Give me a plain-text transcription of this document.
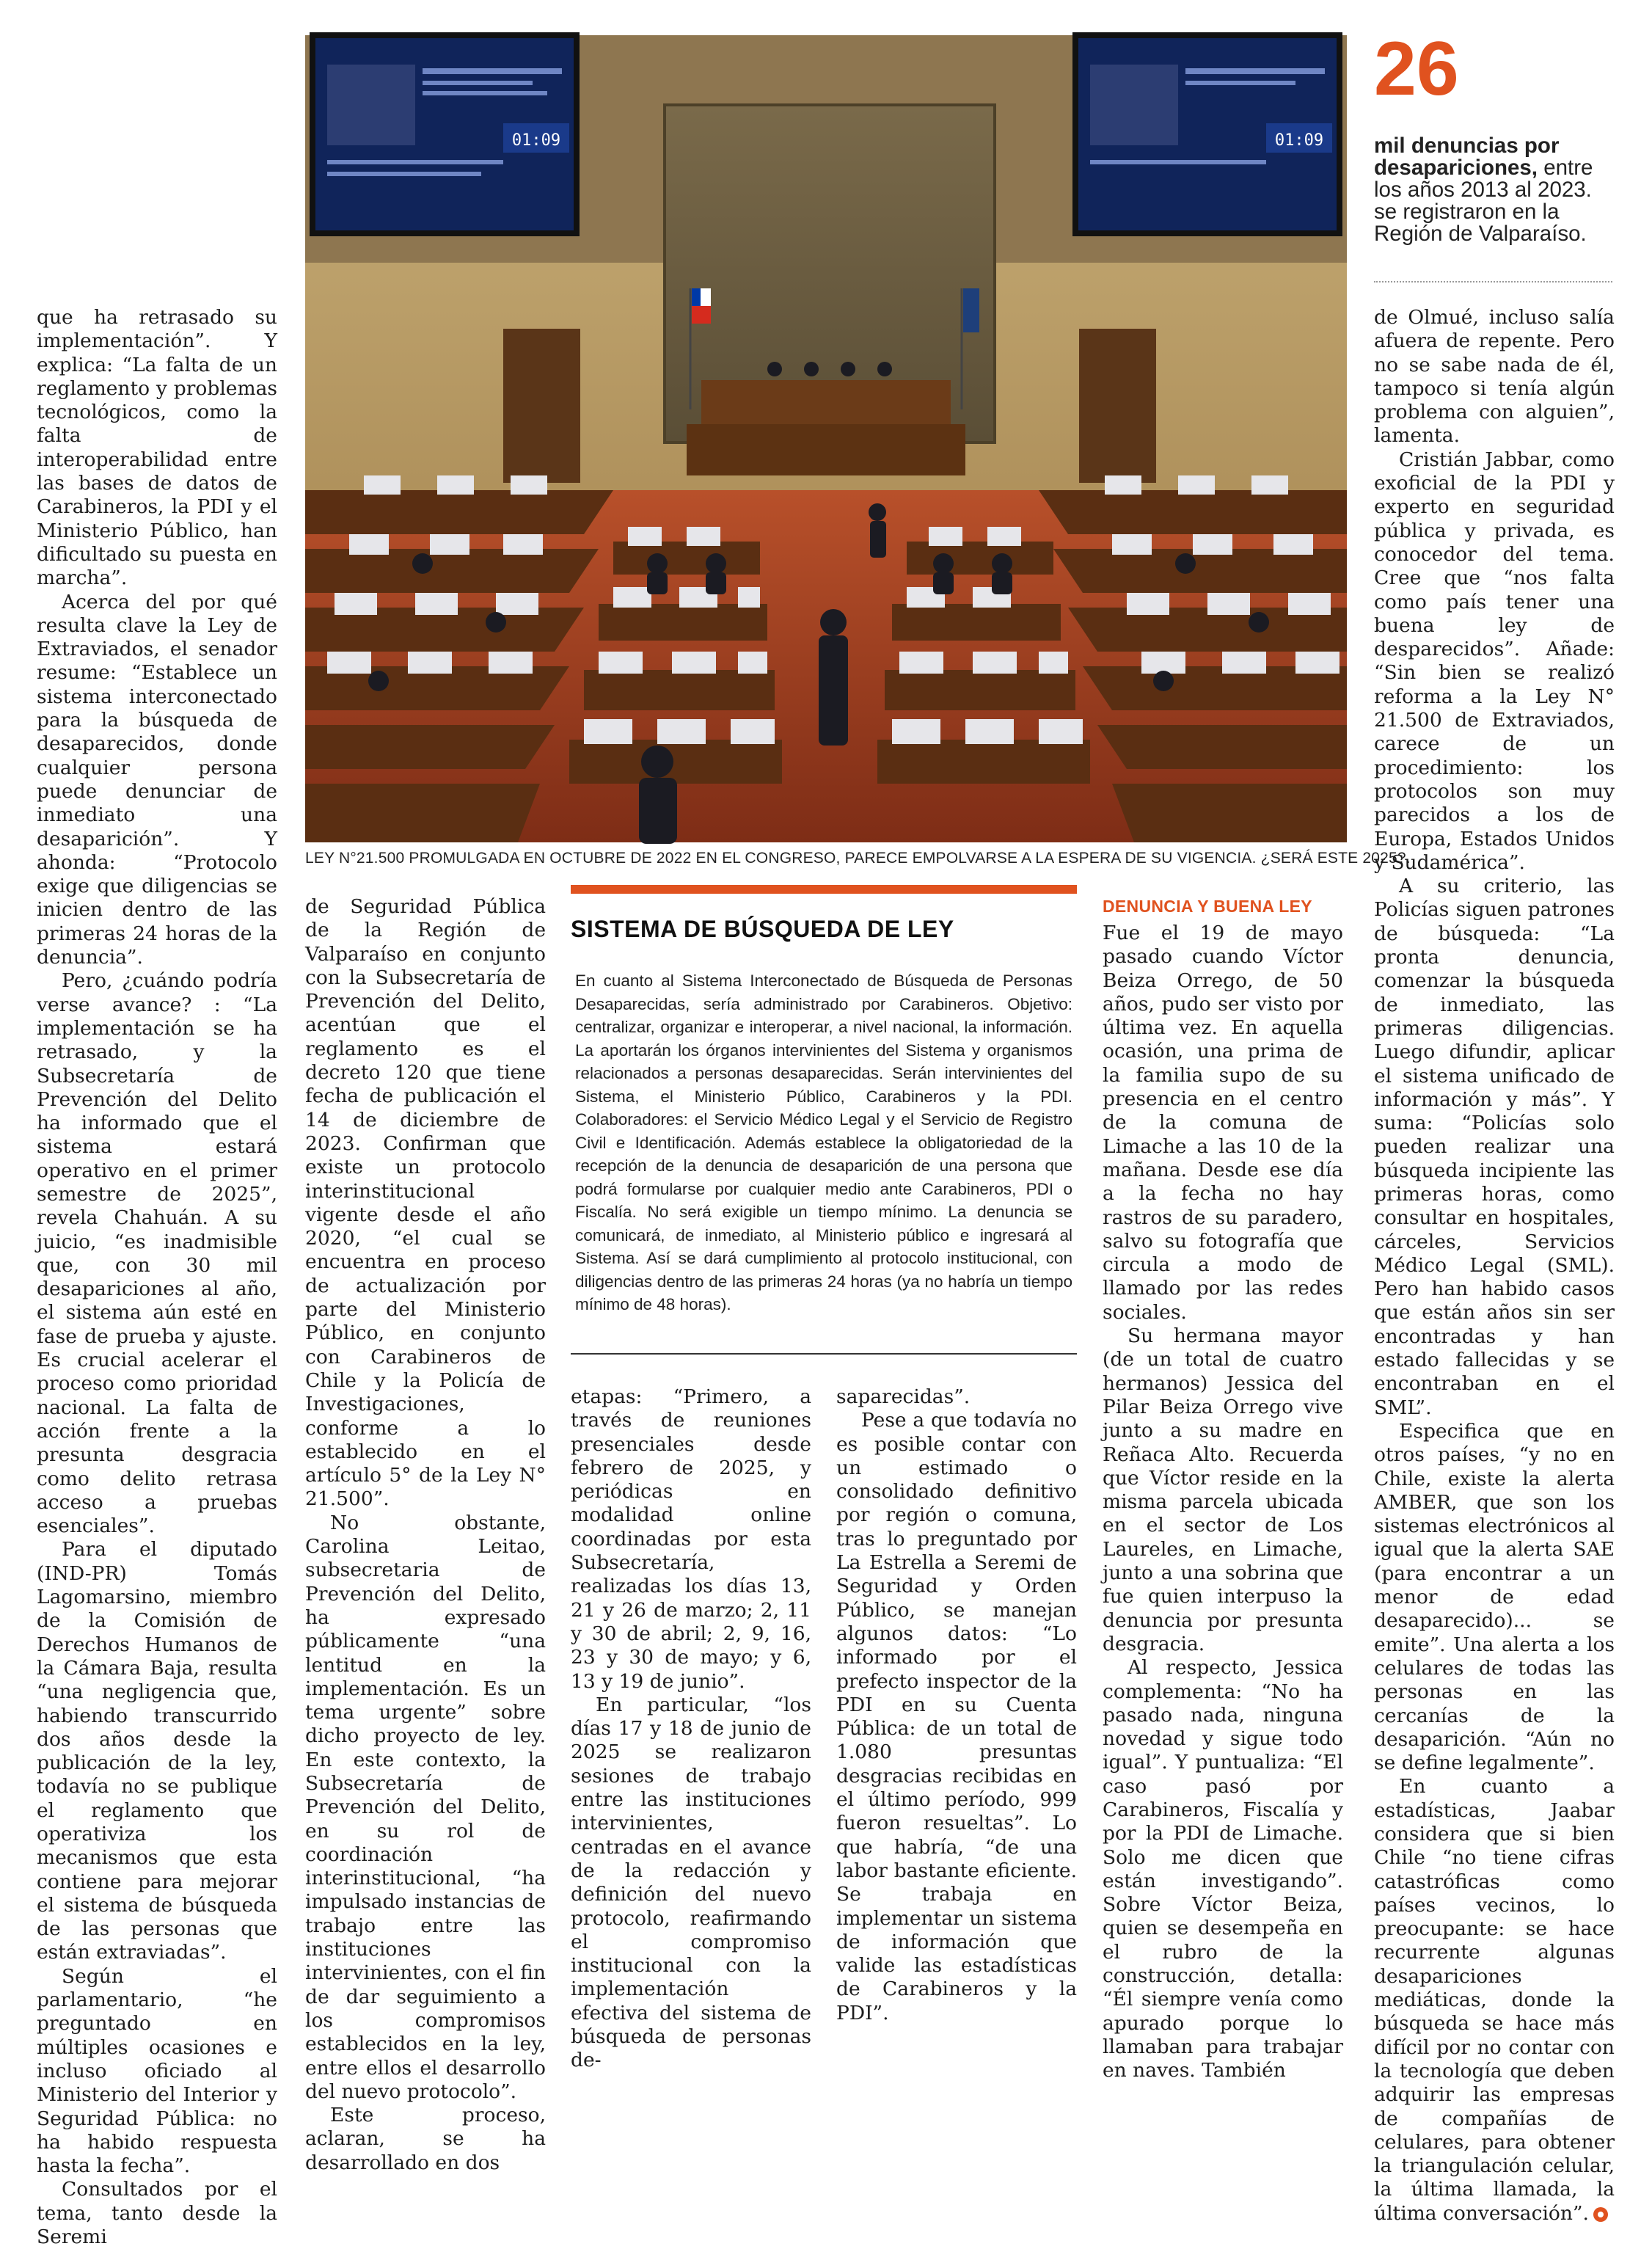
01:09	01:09
LEY N°21.500 PROMULGADA EN OCTUBRE DE 2022 EN EL CONGRESO, PARECE EMPOLVARSE A LA ESPERA DE SU VIGENCIA. ¿SERÁ ESTE 2025?.
26
mil denuncias por desapariciones, entre los años 2013 al 2023. se registraron en la Región de Valparaíso.

que ha retrasado su implementación”. Y explica: “La falta de un reglamento y problemas tecnológicos, como la falta de interoperabilidad entre las bases de datos de Carabineros, la PDI y el Ministerio Público, han dificultado su puesta en marcha”.

Acerca del por qué resulta clave la Ley de Extraviados, el senador resume: “Establece un sistema interconectado para la búsqueda de desaparecidos, donde cualquier persona puede denunciar de inmediato una desaparición”. Y ahonda: “Protocolo exige que diligencias se inicien dentro de las primeras 24 horas de la denuncia”.

Pero, ¿cuándo podría verse avance? : “La implementación se ha retrasado, y la Subsecretaría de Prevención del Delito ha informado que el sistema estará operativo en el primer semestre de 2025”, revela Chahuán. A su juicio, “es inadmisible que, con 30 mil desapariciones al año, el sistema aún esté en fase de prueba y ajuste. Es crucial acelerar el proceso como prioridad nacional. La falta de acción frente a la presunta desgracia como delito retrasa acceso a pruebas esenciales”.

Para el diputado (IND-PR) Tomás Lagomarsino, miembro de la Comisión de Derechos Humanos de la Cámara Baja, resulta “una negligencia que, habiendo transcurrido dos años desde la publicación de la ley, todavía no se publique el reglamento que operativiza los mecanismos que esta contiene para mejorar el sistema de búsqueda de las personas que están extraviadas”.

Según el parlamentario, “he preguntado en múltiples ocasiones e incluso oficiado al Ministerio del Interior y Seguridad Pública: no ha habido respuesta hasta la fecha”.

Consultados por el tema, tanto desde la Seremi

de Seguridad Pública de la Región de Valparaíso en conjunto con la Subsecretaría de Prevención del Delito, acentúan que el reglamento es el decreto 120 que tiene fecha de publicación el 14 de diciembre de 2023. Confirman que existe un protocolo interinstitucional vigente desde el año 2020, “el cual se encuentra en proceso de actualización por parte del Ministerio Público, en conjunto con Carabineros de Chile y la Policía de Investigaciones, conforme a lo establecido en el artículo 5° de la Ley N° 21.500”.

No obstante, Carolina Leitao, subsecretaria de Prevención del Delito, ha expresado públicamente “una lentitud en la implementación. Es un tema urgente” sobre dicho proyecto de ley. En este contexto, la Subsecretaría de Prevención del Delito, en su rol de coordinación interinstitucional, “ha impulsado instancias de trabajo entre las instituciones intervinientes, con el fin de dar seguimiento a los compromisos establecidos en la ley, entre ellos el desarrollo del nuevo protocolo”.

Este proceso, aclaran, se ha desarrollado en dos

SISTEMA DE BÚSQUEDA DE LEY
En cuanto al Sistema Interconectado de Búsqueda de Personas Desaparecidas, sería administrado por Carabineros. Objetivo: centralizar, organizar e interoperar, a nivel nacional, la información. La aportarán los órganos intervinientes del Sistema y organismos relacionados a personas desaparecidas. Serán intervinientes del Sistema, el Ministerio Público, Carabineros y la PDI. Colaboradores: el Servicio Médico Legal y el Servicio de Registro Civil e Identificación. Además establece la obligatoriedad de la recepción de la denuncia de desaparición de una persona que podrá formularse por cualquier medio ante Carabineros, PDI o Fiscalía. No será exigible un tiempo mínimo. La denuncia se comunicará, de inmediato, al Ministerio público e ingresará al Sistema. Así se dará cumplimiento al protocolo institucional, con diligencias dentro de las primeras 24 horas (ya no habría un tiempo mínimo de 48 horas).

etapas: “Primero, a través de reuniones presenciales desde febrero de 2025, y periódicas en modalidad online coordinadas por esta Subsecretaría, realizadas los días 13, 21 y 26 de marzo; 2, 11 y 30 de abril; 2, 9, 16, 23 y 30 de mayo; y 6, 13 y 19 de junio”.

En particular, “los días 17 y 18 de junio de 2025 se realizaron sesiones de trabajo entre las instituciones intervinientes, centradas en el avance de la redacción y definición del nuevo protocolo, reafirmando el compromiso institucional con la implementación efectiva del sistema de búsqueda de personas de-

saparecidas”.

Pese a que todavía no es posible contar con un estimado o consolidado definitivo por región o comuna, tras lo preguntado por La Estrella a Seremi de Seguridad y Orden Público, se manejan algunos datos: “Lo informado por el prefecto inspector de la PDI en su Cuenta Pública: de un total de 1.080 presuntas desgracias recibidas en el último período, 999 fueron resueltas”. Lo que habría, “de una labor bastante eficiente. Se trabaja en implementar un sistema de información que valide las estadísticas de Carabineros y la PDI”.

DENUNCIA Y BUENA LEY

Fue el 19 de mayo pasado cuando Víctor Beiza Orrego, de 50 años, pudo ser visto por última vez. En aquella ocasión, una prima de la familia supo de su presencia en el centro de la comuna de Limache a las 10 de la mañana. Desde ese día a la fecha no hay rastros de su paradero, salvo su fotografía que circula a modo de llamado por las redes sociales.

Su hermana mayor (de un total de cuatro hermanos) Jessica del Pilar Beiza Orrego vive junto a su madre en Reñaca Alto. Recuerda que Víctor reside en la misma parcela ubicada en el sector de Los Laureles, en Limache, junto a una sobrina que fue quien interpuso la denuncia por presunta desgracia.

Al respecto, Jessica complementa: “No ha pasado nada, ninguna novedad y sigue todo igual”. Y puntualiza: “El caso pasó por Carabineros, Fiscalía y por la PDI de Limache. Solo me dicen que están investigando”. Sobre Víctor Beiza, quien se desempeña en el rubro de la construcción, detalla: “Él siempre venía como apurado porque lo llamaban para trabajar en naves. También

de Olmué, incluso salía afuera de repente. Pero no se sabe nada de él, tampoco si tenía algún problema con alguien”, lamenta.

Cristián Jabbar, como exoficial de la PDI y experto en seguridad pública y privada, es conocedor del tema. Cree que “nos falta como país tener una buena ley de desparecidos”. Añade: “Sin bien se realizó reforma a la Ley N° 21.500 de Extraviados, carece de un procedimiento: los protocolos son muy parecidos a los de Europa, Estados Unidos y Sudamérica”.

A su criterio, las Policías siguen patrones de búsqueda: “La pronta denuncia, comenzar la búsqueda de inmediato, las primeras diligencias. Luego difundir, aplicar el sistema unificado de información y más”. Y suma: “Policías solo pueden realizar una búsqueda incipiente las primeras horas, como consultar en hospitales, cárceles, Servicios Médico Legal (SML). Pero han habido casos que están años sin ser encontradas y han estado fallecidas y se encontraban en el SML”.

Especifica que en otros países, “y no en Chile, existe la alerta AMBER, que son los sistemas electrónicos al igual que la alerta SAE (para encontrar a un menor de edad desaparecido)... se emite”. Una alerta a los celulares de todas las personas en las cercanías de la desaparición. “Aún no se define legalmente”.

En cuanto a estadísticas, Jaabar considera que si bien Chile “no tiene cifras catastróficas como países vecinos, lo preocupante: se hace recurrente algunas desapariciones mediáticas, donde la búsqueda se hace más difícil por no contar con la tecnología que deben adquirir las empresas de compañías de celulares, para obtener la triangulación celular, la última llamada, la última conversación”.
